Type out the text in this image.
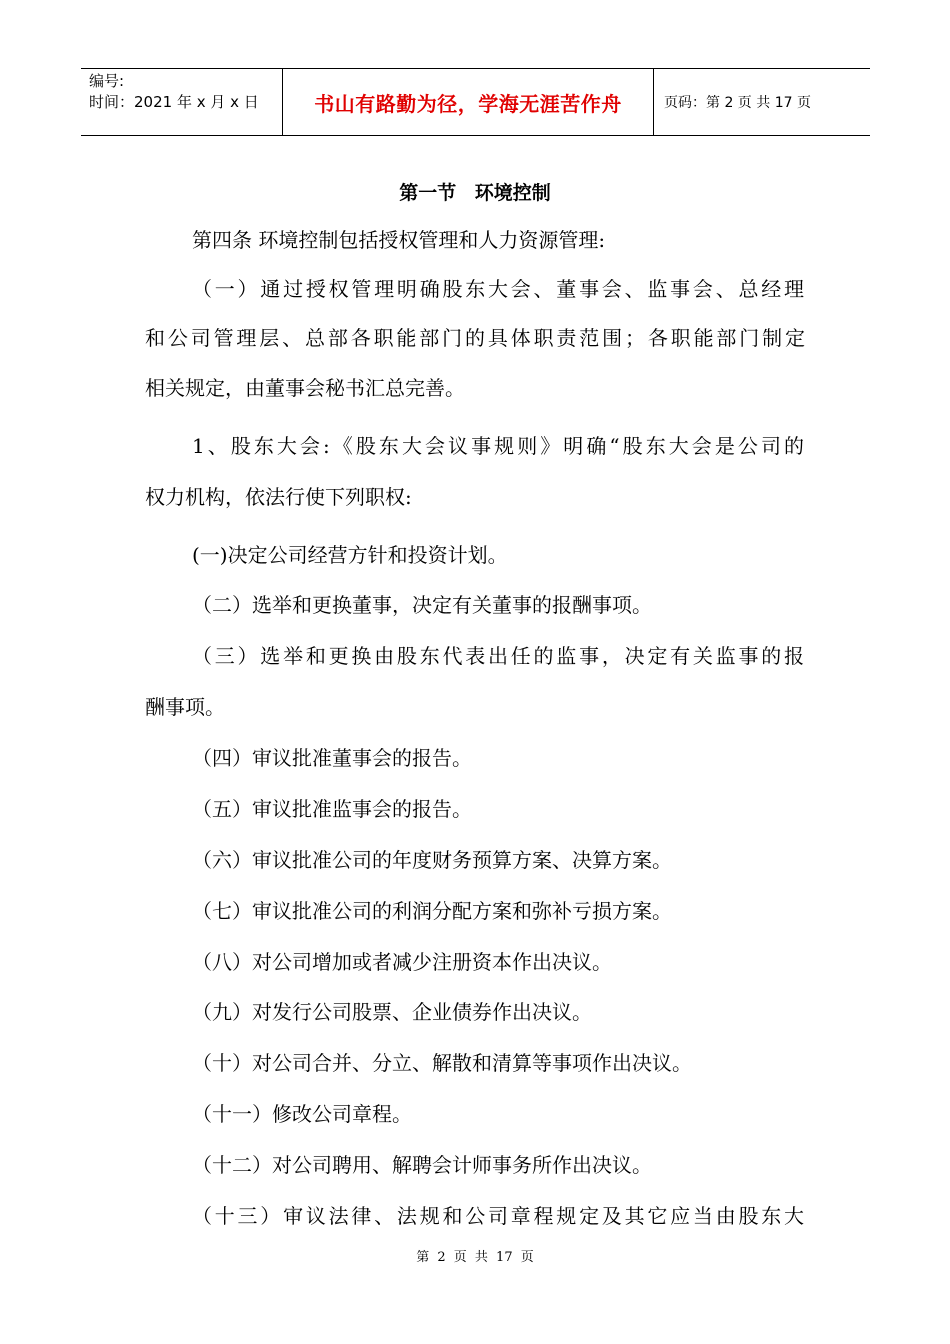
编号:
时间：2021 年 x 月 x 日	书山有路勤为径，学海无涯苦作舟	页码：第 2 页 共 17 页
第一节 环境控制
第四条 环境控制包括授权管理和人力资源管理:
（一）通过授权管理明确股东大会、董事会、监事会、总经理
和公司管理层、总部各职能部门的具体职责范围；各职能部门制定
相关规定，由董事会秘书汇总完善。
1、股东大会:《股东大会议事规则》明确“股东大会是公司的
权力机构，依法行使下列职权:
(一)决定公司经营方针和投资计划。
（二）选举和更换董事，决定有关董事的报酬事项。
（三）选举和更换由股东代表出任的监事，决定有关监事的报
酬事项。
（四）审议批准董事会的报告。
（五）审议批准监事会的报告。
（六）审议批准公司的年度财务预算方案、决算方案。
（七）审议批准公司的利润分配方案和弥补亏损方案。
（八）对公司增加或者减少注册资本作出决议。
（九）对发行公司股票、企业债券作出决议。
（十）对公司合并、分立、解散和清算等事项作出决议。
（十一）修改公司章程。
（十二）对公司聘用、解聘会计师事务所作出决议。
（十三）审议法律、法规和公司章程规定及其它应当由股东大
第 2 页 共 17 页
